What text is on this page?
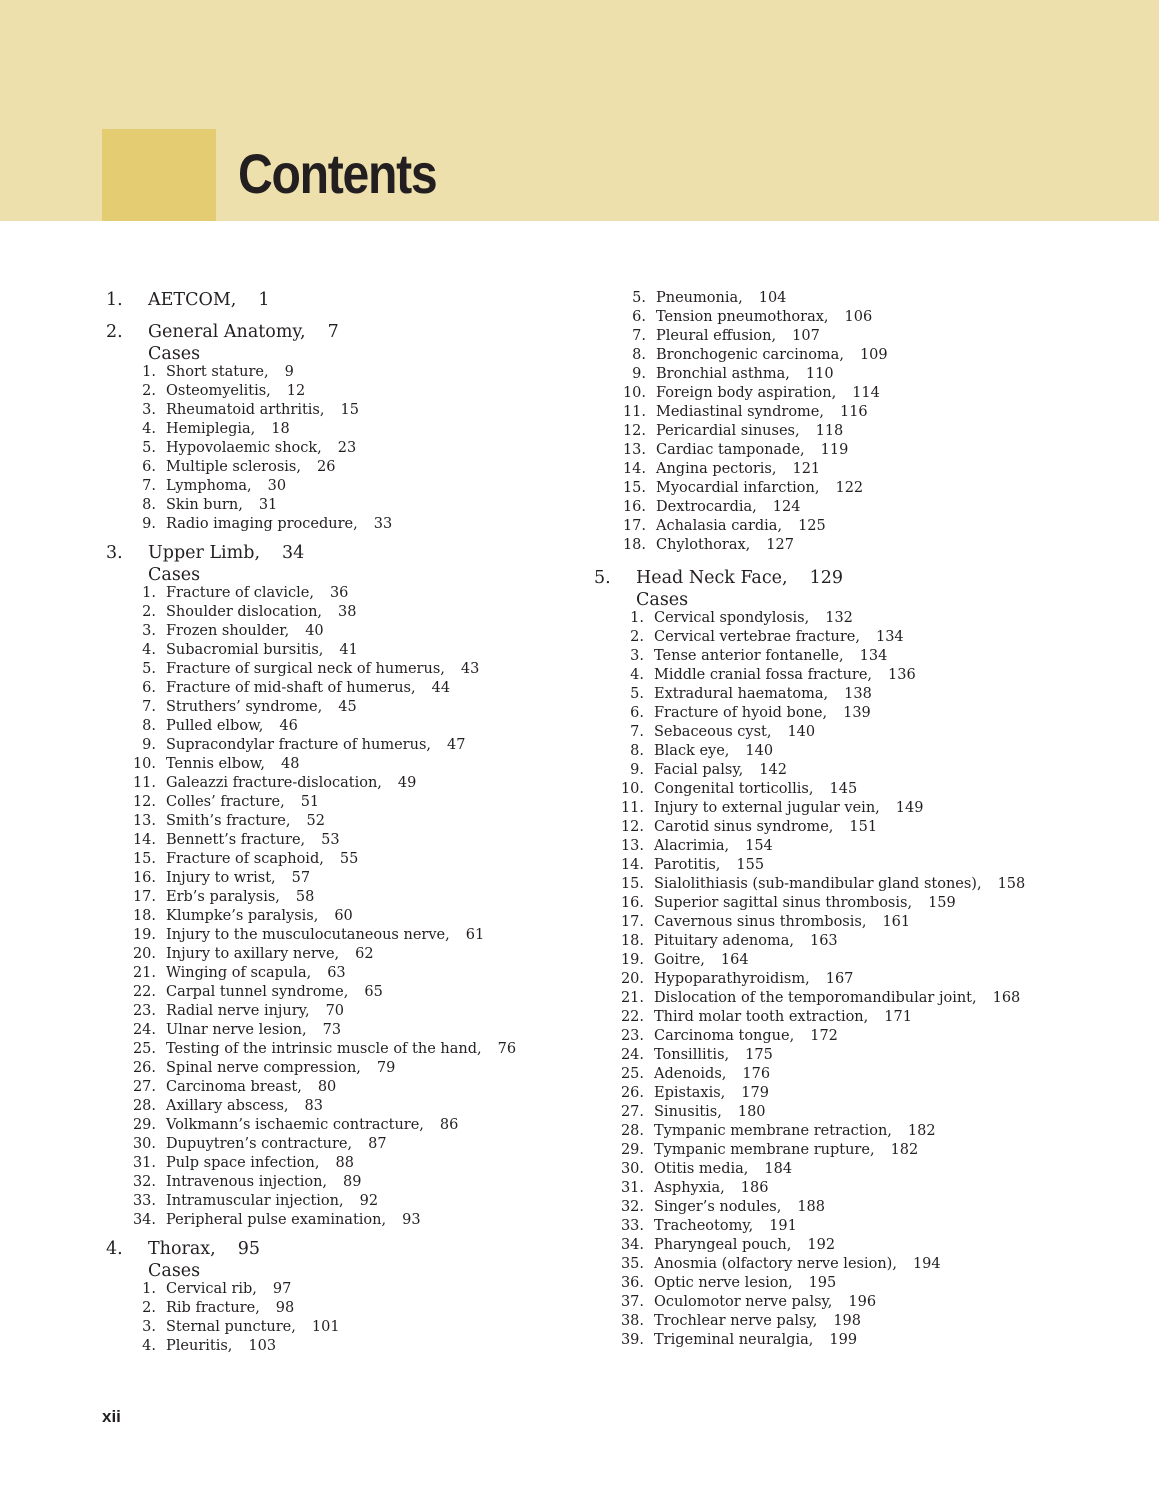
Contents
1.	AETCOM, 1
2.	General Anatomy, 7
Cases
1. Short stature, 9
2. Osteomyelitis, 12
3. Rheumatoid arthritis, 15
4. Hemiplegia, 18
5. Hypovolaemic shock, 23
6. Multiple sclerosis, 26
7. Lymphoma, 30
8. Skin burn, 31
9. Radio imaging procedure, 33
3.	Upper Limb, 34
Cases
1. Fracture of clavicle, 36
2. Shoulder dislocation, 38
3. Frozen shoulder, 40
4. Subacromial bursitis, 41
5. Fracture of surgical neck of humerus, 43
6. Fracture of mid-shaft of humerus, 44
7. Struthers’ syndrome, 45
8. Pulled elbow, 46
9. Supracondylar fracture of humerus, 47
10. Tennis elbow, 48
11. Galeazzi fracture-dislocation, 49
12. Colles’ fracture, 51
13. Smith’s fracture, 52
14. Bennett’s fracture, 53
15. Fracture of scaphoid, 55
16. Injury to wrist, 57
17. Erb’s paralysis, 58
18. Klumpke’s paralysis, 60
19. Injury to the musculocutaneous nerve, 61
20. Injury to axillary nerve, 62
21. Winging of scapula, 63
22. Carpal tunnel syndrome, 65
23. Radial nerve injury, 70
24. Ulnar nerve lesion, 73
25. Testing of the intrinsic muscle of the hand, 76
26. Spinal nerve compression, 79
27. Carcinoma breast, 80
28. Axillary abscess, 83
29. Volkmann’s ischaemic contracture, 86
30. Dupuytren’s contracture, 87
31. Pulp space infection, 88
32. Intravenous injection, 89
33. Intramuscular injection, 92
34. Peripheral pulse examination, 93
4.	Thorax, 95
Cases
1. Cervical rib, 97
2. Rib fracture, 98
3. Sternal puncture, 101
4. Pleuritis, 103
5. Pneumonia, 104
6. Tension pneumothorax, 106
7. Pleural effusion, 107
8. Bronchogenic carcinoma, 109
9. Bronchial asthma, 110
10. Foreign body aspiration, 114
11. Mediastinal syndrome, 116
12. Pericardial sinuses, 118
13. Cardiac tamponade, 119
14. Angina pectoris, 121
15. Myocardial infarction, 122
16. Dextrocardia, 124
17. Achalasia cardia, 125
18. Chylothorax, 127
5.	Head Neck Face, 129
Cases
1. Cervical spondylosis, 132
2. Cervical vertebrae fracture, 134
3. Tense anterior fontanelle, 134
4. Middle cranial fossa fracture, 136
5. Extradural haematoma, 138
6. Fracture of hyoid bone, 139
7. Sebaceous cyst, 140
8. Black eye, 140
9. Facial palsy, 142
10. Congenital torticollis, 145
11. Injury to external jugular vein, 149
12. Carotid sinus syndrome, 151
13. Alacrimia, 154
14. Parotitis, 155
15. Sialolithiasis (sub-mandibular gland stones), 158
16. Superior sagittal sinus thrombosis, 159
17. Cavernous sinus thrombosis, 161
18. Pituitary adenoma, 163
19. Goitre, 164
20. Hypoparathyroidism, 167
21. Dislocation of the temporomandibular joint, 168
22. Third molar tooth extraction, 171
23. Carcinoma tongue, 172
24. Tonsillitis, 175
25. Adenoids, 176
26. Epistaxis, 179
27. Sinusitis, 180
28. Tympanic membrane retraction, 182
29. Tympanic membrane rupture, 182
30. Otitis media, 184
31. Asphyxia, 186
32. Singer’s nodules, 188
33. Tracheotomy, 191
34. Pharyngeal pouch, 192
35. Anosmia (olfactory nerve lesion), 194
36. Optic nerve lesion, 195
37. Oculomotor nerve palsy, 196
38. Trochlear nerve palsy, 198
39. Trigeminal neuralgia, 199
xii
